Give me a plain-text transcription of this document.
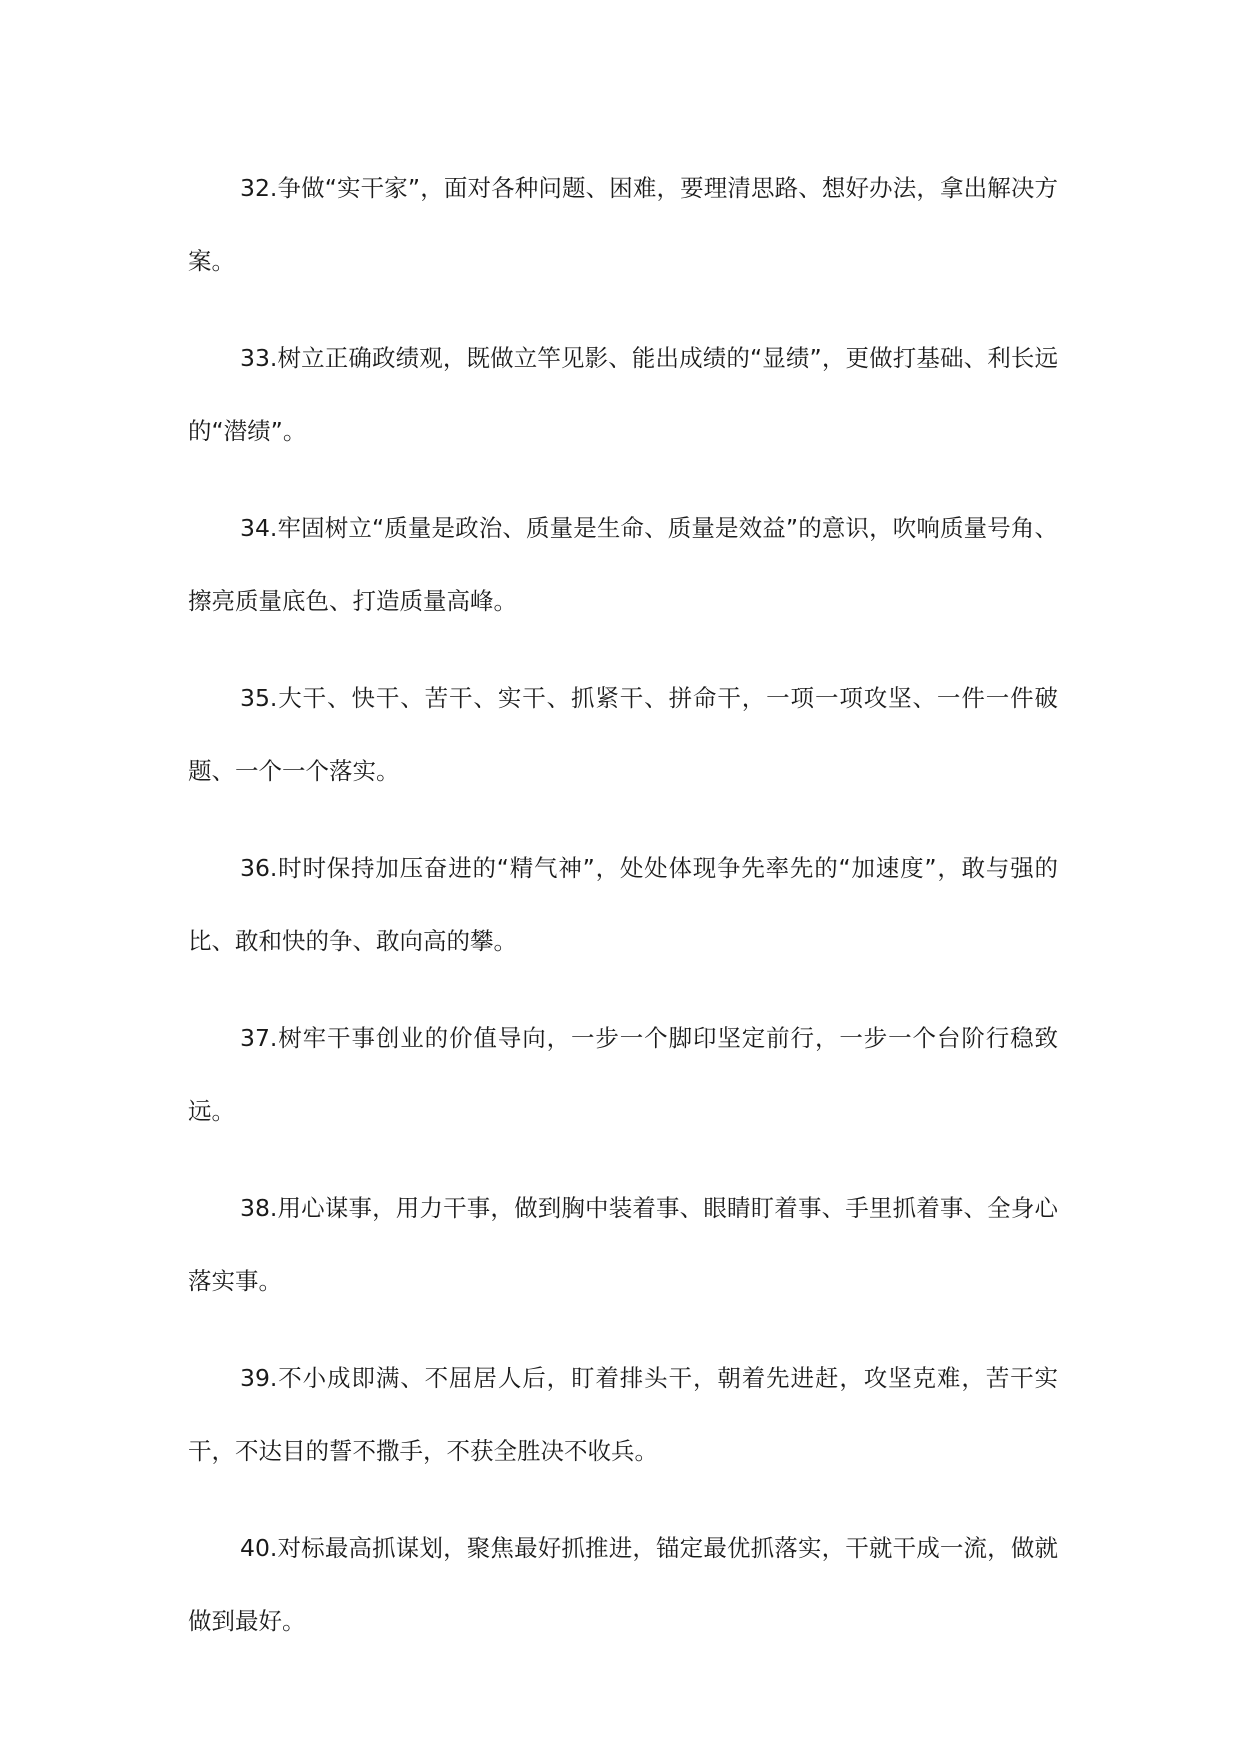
32.争做“实干家”，面对各种问题、困难，要理清思路、想好办法，拿出解决方案。

33.树立正确政绩观，既做立竿见影、能出成绩的“显绩”，更做打基础、利长远的“潜绩”。

34.牢固树立“质量是政治、质量是生命、质量是效益”的意识，吹响质量号角、擦亮质量底色、打造质量高峰。

35.大干、快干、苦干、实干、抓紧干、拼命干，一项一项攻坚、一件一件破题、一个一个落实。

36.时时保持加压奋进的“精气神”，处处体现争先率先的“加速度”，敢与强的比、敢和快的争、敢向高的攀。

37.树牢干事创业的价值导向，一步一个脚印坚定前行，一步一个台阶行稳致远。

38.用心谋事，用力干事，做到胸中装着事、眼睛盯着事、手里抓着事、全身心落实事。

39.不小成即满、不屈居人后，盯着排头干，朝着先进赶，攻坚克难，苦干实干，不达目的誓不撒手，不获全胜决不收兵。

40.对标最高抓谋划，聚焦最好抓推进，锚定最优抓落实，干就干成一流，做就做到最好。
